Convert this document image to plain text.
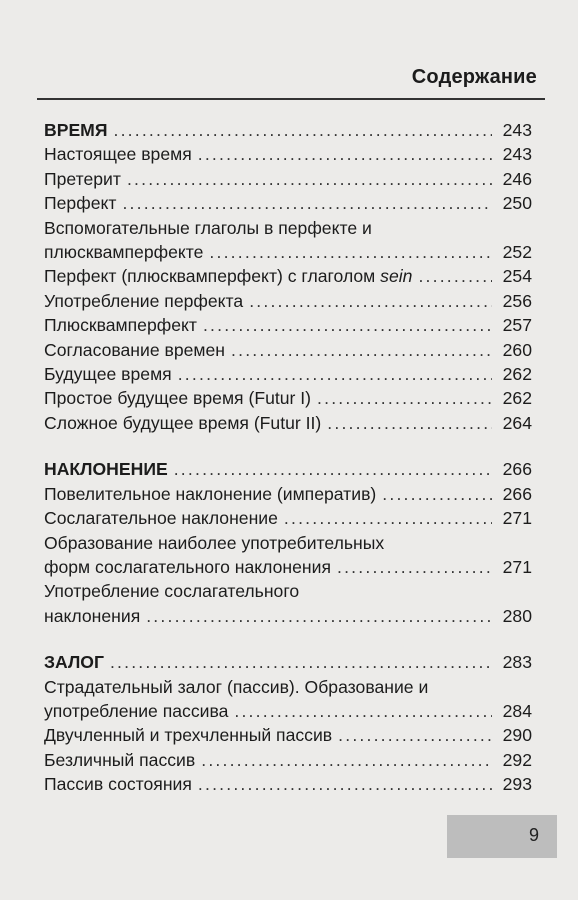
Содержание
ВРЕМЯ .....	243
Настоящее время .....	243
Претерит .....	246
Перфект .....	250
Вспомогательные глаголы в перфекте и
плюсквамперфекте .....	252
Перфект (плюсквамперфект) с глаголом sein .....	254
Употребление перфекта .....	256
Плюсквамперфект .....	257
Согласование времен .....	260
Будущее время .....	262
Простое будущее время (Futur I) .....	262
Сложное будущее время (Futur II) .....	264
НАКЛОНЕНИЕ .....	266
Повелительное наклонение (императив) .....	266
Сослагательное наклонение .....	271
Образование наиболее употребительных
форм сослагательного наклонения .....	271
Употребление сослагательного
наклонения .....	280
ЗАЛОГ .....	283
Страдательный залог (пассив). Образование и
употребление пассива .....	284
Двучленный и трехчленный пассив .....	290
Безличный пассив .....	292
Пассив состояния .....	293
9
